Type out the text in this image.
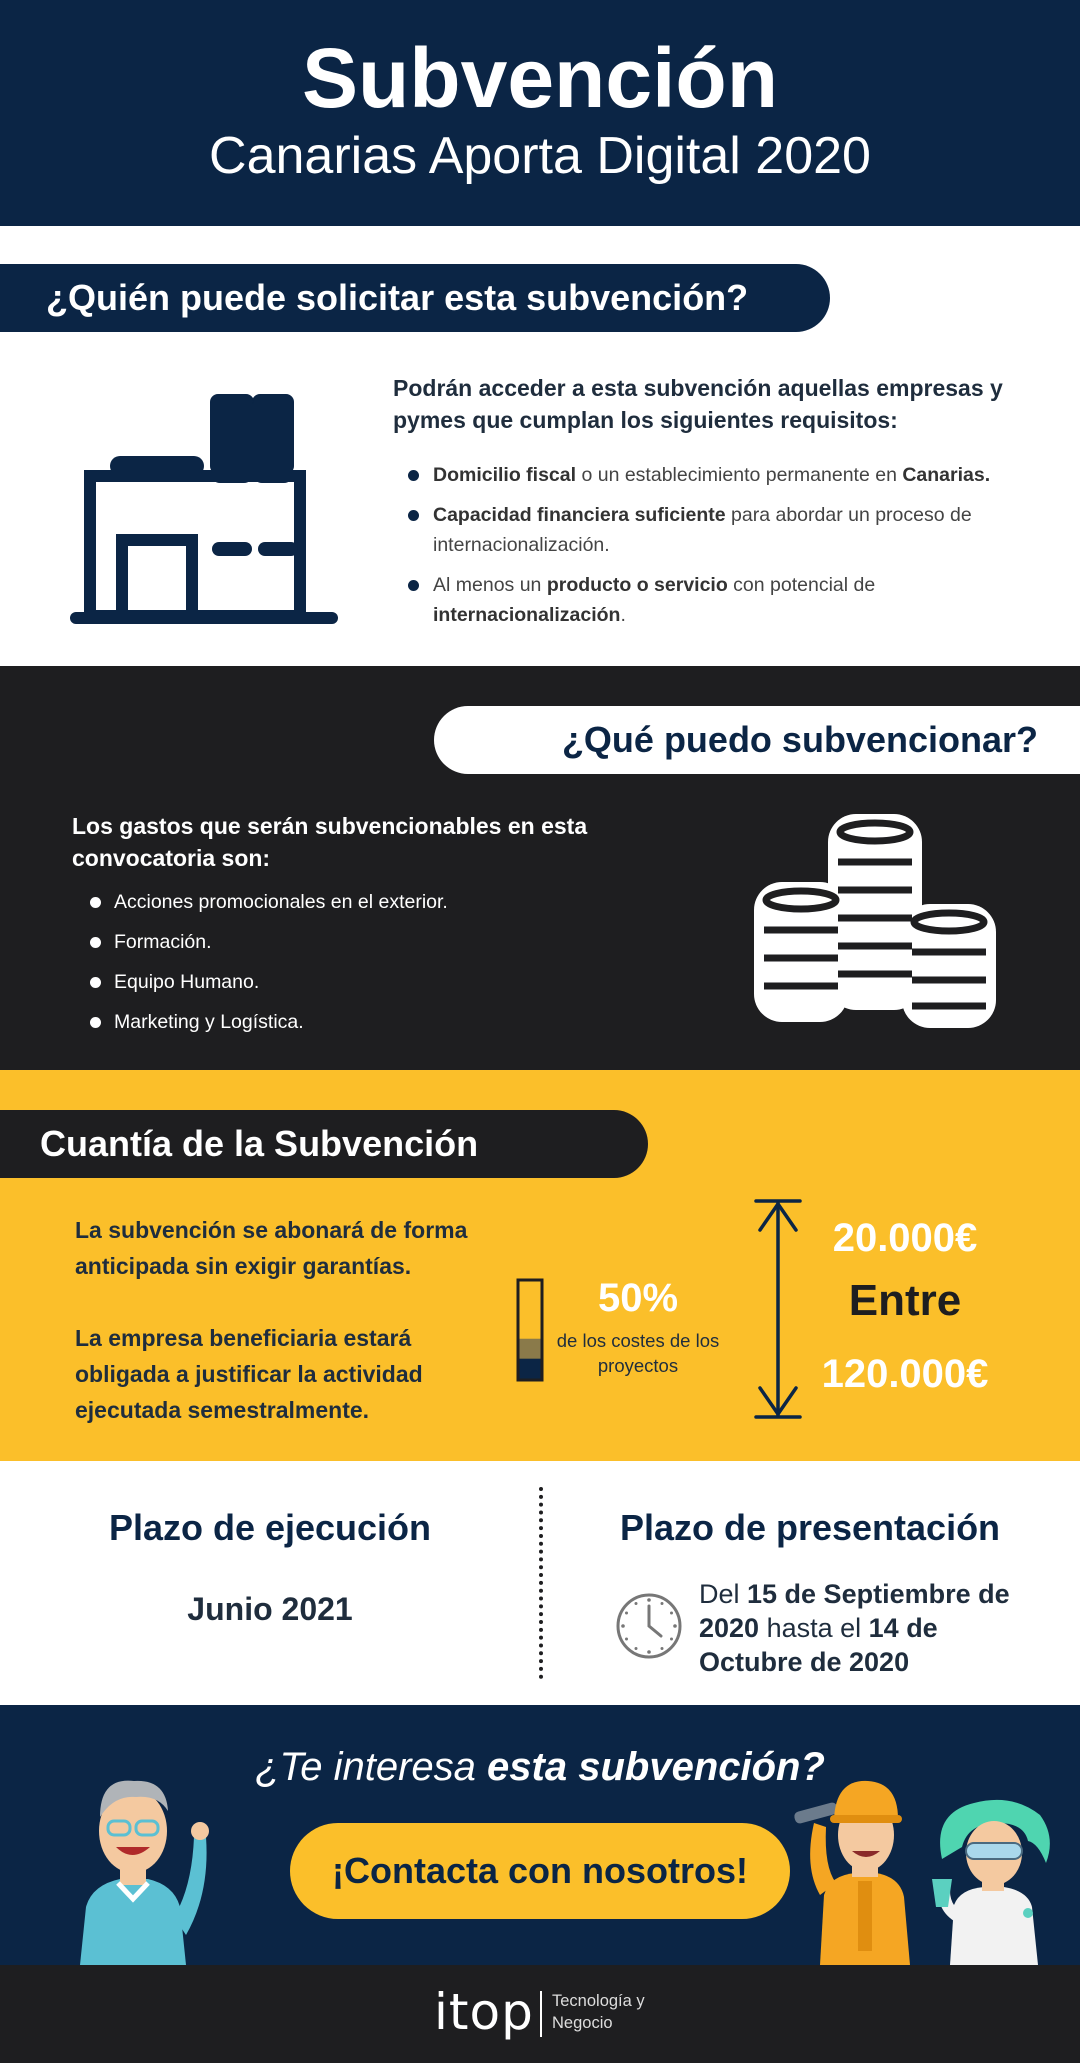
Subvención
Canarias Aporta Digital 2020
¿Quién puede solicitar esta subvención?

Podrán acceder a esta subvención aquellas empresas y pymes que cumplan los siguientes requisitos:

Domicilio fiscal o un establecimiento permanente en Canarias.
Capacidad financiera suficiente para abordar un proceso de internacionalización.
Al menos un producto o servicio con potencial de internacionalización.
¿Qué puedo subvencionar?

Los gastos que serán subvencionables en esta convocatoria son:

Acciones promocionales en el exterior.
Formación.
Equipo Humano.
Marketing y Logística.
Cuantía de la Subvención

La subvención se abonará de forma anticipada sin exigir garantías.

La empresa beneficiaria estará obligada a justificar la actividad ejecutada semestralmente.

50%
de los costes de los proyectos
20.000€
Entre
120.000€
Plazo de ejecución
Junio 2021
Plazo de presentación

Del 15 de Septiembre de 2020 hasta el 14 de Octubre de 2020

¿Te interesa esta subvención?

¡Contacta con nosotros!
itop Tecnología y Negocio
